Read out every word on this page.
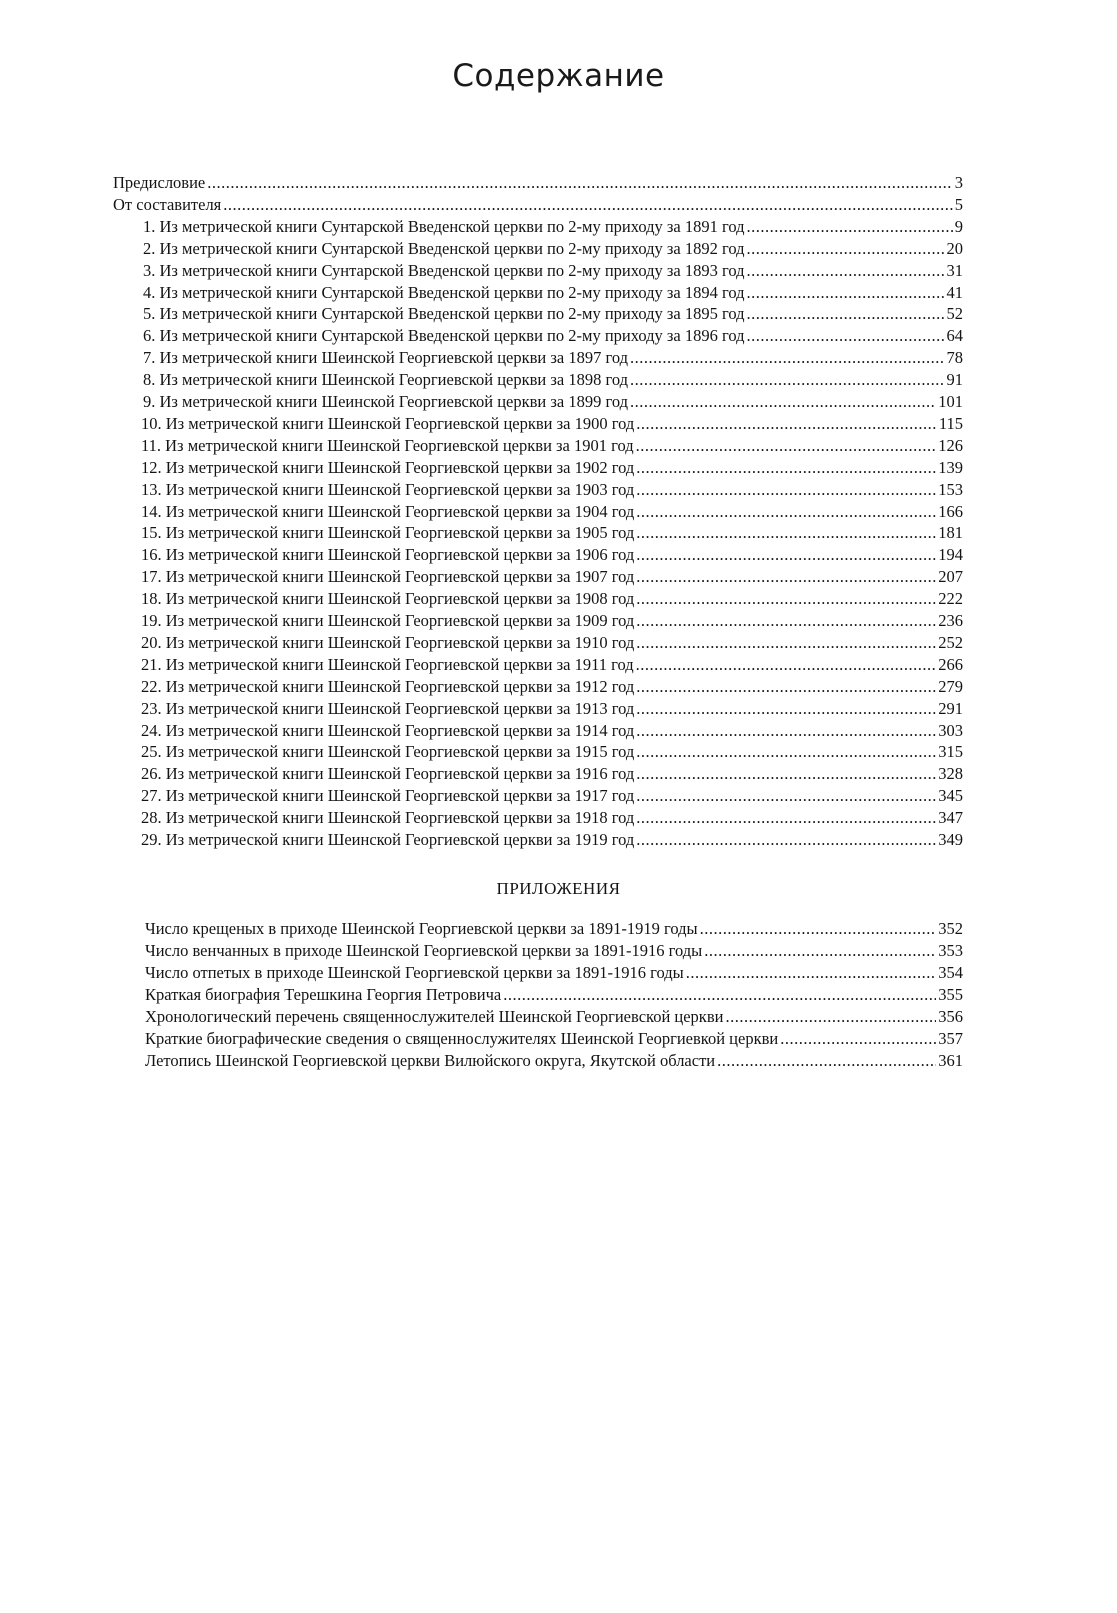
Содержание
Предисловие .....	3
От составителя .....	5
1. Из метрической книги Сунтарской Введенской церкви по 2-му приходу за 1891 год .....	9
2. Из метрической книги Сунтарской Введенской церкви по 2-му приходу за 1892 год .....	20
3. Из метрической книги Сунтарской Введенской церкви по 2-му приходу за 1893 год .....	31
4. Из метрической книги Сунтарской Введенской церкви по 2-му приходу за 1894 год .....	41
5. Из метрической книги Сунтарской Введенской церкви по 2-му приходу за 1895 год .....	52
6. Из метрической книги Сунтарской Введенской церкви по 2-му приходу за 1896 год .....	64
7. Из метрической книги Шеинской Георгиевской церкви за 1897 год .....	78
8. Из метрической книги Шеинской Георгиевской церкви за 1898 год .....	91
9. Из метрической книги Шеинской Георгиевской церкви за 1899 год .....	101
10. Из метрической книги Шеинской Георгиевской церкви за 1900 год .....	115
11. Из метрической книги Шеинской Георгиевской церкви за 1901 год .....	126
12. Из метрической книги Шеинской Георгиевской церкви за 1902 год .....	139
13. Из метрической книги Шеинской Георгиевской церкви за 1903 год .....	153
14. Из метрической книги Шеинской Георгиевской церкви за 1904 год .....	166
15. Из метрической книги Шеинской Георгиевской церкви за 1905 год .....	181
16. Из метрической книги Шеинской Георгиевской церкви за 1906 год .....	194
17. Из метрической книги Шеинской Георгиевской церкви за 1907 год .....	207
18. Из метрической книги Шеинской Георгиевской церкви за 1908 год .....	222
19. Из метрической книги Шеинской Георгиевской церкви за 1909 год .....	236
20. Из метрической книги Шеинской Георгиевской церкви за 1910 год .....	252
21. Из метрической книги Шеинской Георгиевской церкви за 1911 год .....	266
22. Из метрической книги Шеинской Георгиевской церкви за 1912 год .....	279
23. Из метрической книги Шеинской Георгиевской церкви за 1913 год .....	291
24. Из метрической книги Шеинской Георгиевской церкви за 1914 год .....	303
25. Из метрической книги Шеинской Георгиевской церкви за 1915 год .....	315
26. Из метрической книги Шеинской Георгиевской церкви за 1916 год .....	328
27. Из метрической книги Шеинской Георгиевской церкви за 1917 год .....	345
28. Из метрической книги Шеинской Георгиевской церкви за 1918 год .....	347
29. Из метрической книги Шеинской Георгиевской церкви за 1919 год .....	349
ПРИЛОЖЕНИЯ
Число крещеных в приходе Шеинской Георгиевской церкви за 1891-1919 годы .....	352
Число венчанных в приходе Шеинской Георгиевской церкви за 1891-1916 годы .....	353
Число отпетых в приходе Шеинской Георгиевской церкви за 1891-1916 годы .....	354
Краткая биография Терешкина Георгия Петровича .....	355
Хронологический перечень священнослужителей Шеинской Георгиевской церкви .....	356
Краткие биографические сведения о священнослужителях Шеинской Георгиевкой церкви .....	357
Летопись Шеинской Георгиевской церкви Вилюйского округа, Якутской области .....	361
